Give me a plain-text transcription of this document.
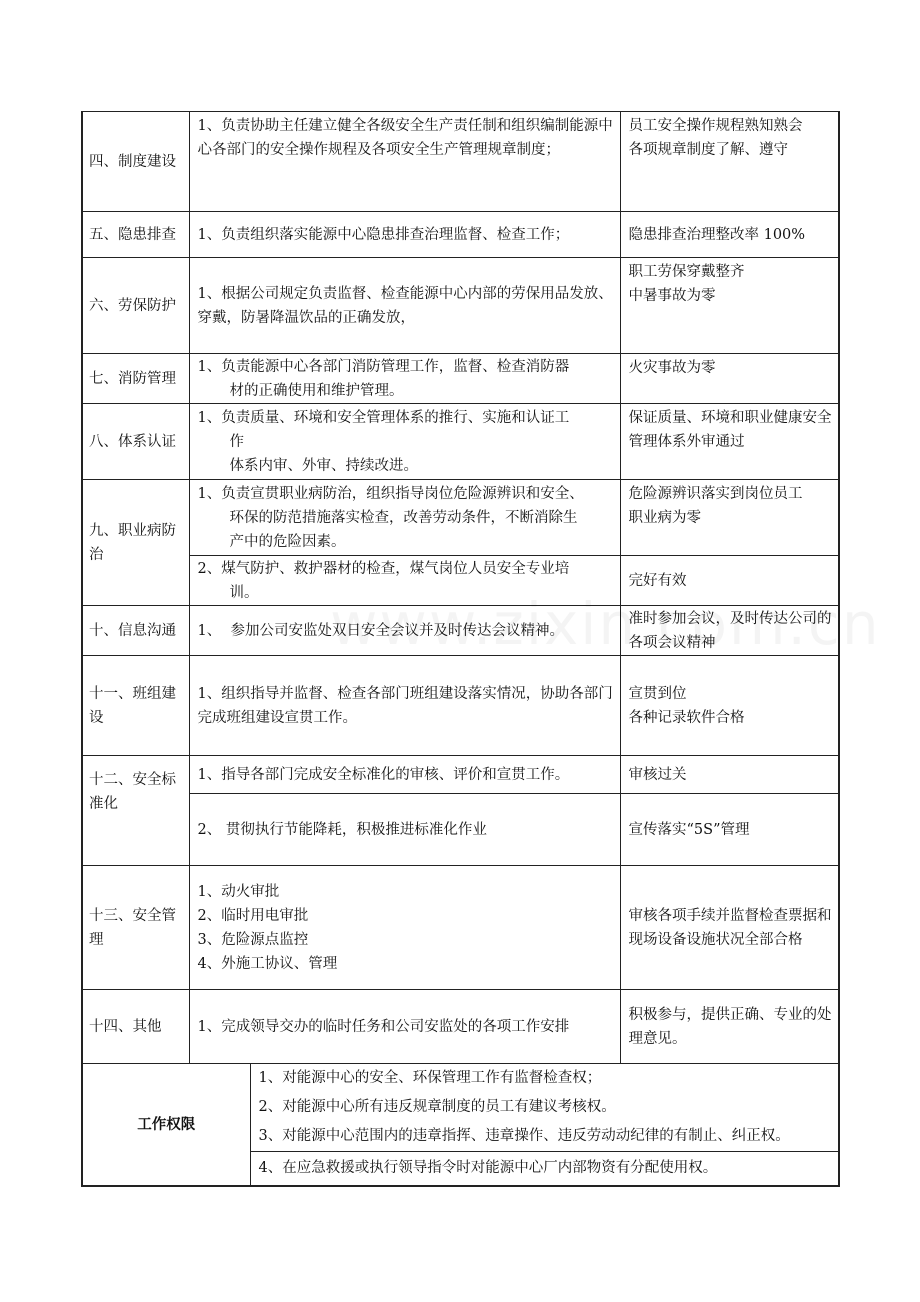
四、制度建设	1、负责协助主任建立健全各级安全生产责任制和组织编制能源中心各部门的安全操作规程及各项安全生产管理规章制度；	员工安全操作规程熟知熟会
各项规章制度了解、遵守

五、隐患排查	1、负责组织落实能源中心隐患排查治理监督、检查工作；	隐患排查治理整改率 100%

六、劳保防护	1、根据公司规定负责监督、检查能源中心内部的劳保用品发放、穿戴，防暑降温饮品的正确发放，	职工劳保穿戴整齐
中暑事故为零

七、消防管理	1、负责能源中心各部门消防管理工作，监督、检查消防器
材的正确使用和维护管理。	火灾事故为零

八、体系认证	1、负责质量、环境和安全管理体系的推行、实施和认证工
作
体系内审、外审、持续改进。	保证质量、环境和职业健康安全管理体系外审通过

九、职业病防治	1、负责宣贯职业病防治，组织指导岗位危险源辨识和安全、
环保的防范措施落实检查，改善劳动条件，不断消除生
产中的危险因素。	危险源辨识落实到岗位员工
职业病为零

	2、煤气防护、救护器材的检查，煤气岗位人员安全专业培
训。	完好有效

十、信息沟通	1、  参加公司安监处双日安全会议并及时传达会议精神。	准时参加会议，及时传达公司的各项会议精神

十一、班组建设	1、组织指导并监督、检查各部门班组建设落实情况，协助各部门完成班组建设宣贯工作。	宣贯到位
各种记录软件合格

十二、安全标准化	1、指导各部门完成安全标准化的审核、评价和宣贯工作。	审核过关

	2、 贯彻执行节能降耗，积极推进标准化作业	宣传落实“5S”管理

十三、安全管理	1、动火审批
2、临时用电审批
3、危险源点监控
4、外施工协议、管理	审核各项手续并监督检查票据和现场设备设施状况全部合格

十四、其他	1、完成领导交办的临时任务和公司安监处的各项工作安排	积极参与，提供正确、专业的处理意见。
工作权限	
1、对能源中心的安全、环保管理工作有监督检查权；
2、对能源中心所有违反规章制度的员工有建议考核权。
3、对能源中心范围内的违章指挥、违章操作、违反劳动动纪律的有制止、纠正权。
4、在应急救援或执行领导指令时对能源中心厂内部物资有分配使用权。
